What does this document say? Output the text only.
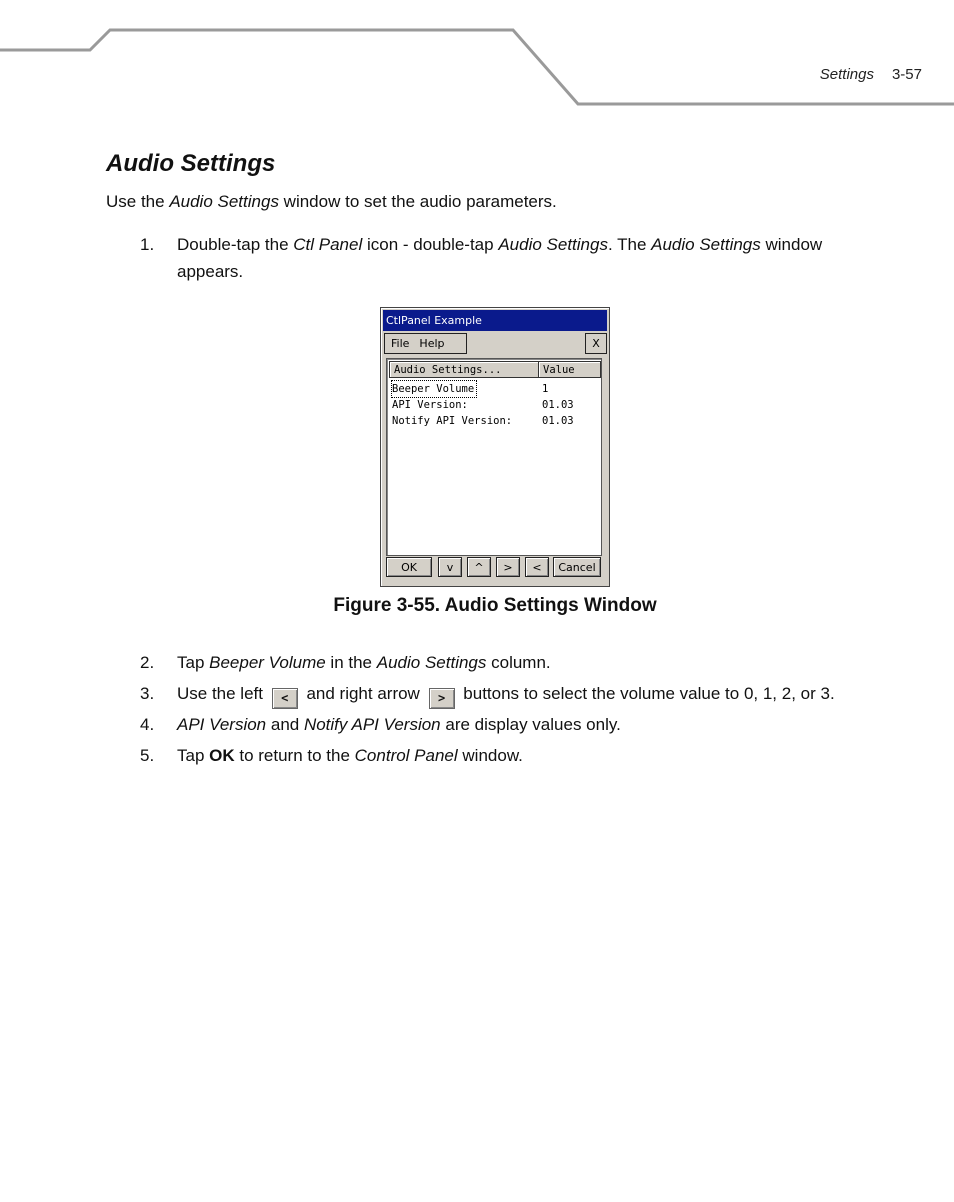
Settings 3-57
Audio Settings
Use the Audio Settings window to set the audio parameters.
1.	Double-tap the Ctl Panel icon - double-tap Audio Settings. The Audio Settings window appears.
CtlPanel Example
File Help	X
Audio Settings...	Value
Beeper Volume	1
API Version:	01.03
Notify API Version:	01.03
OK	v	^	>	<	Cancel
Figure 3-55. Audio Settings Window
2.	Tap Beeper Volume in the Audio Settings column.
3.	Use the left < and right arrow > buttons to select the volume value to 0, 1, 2, or 3.
4.	API Version and Notify API Version are display values only.
5.	Tap OK to return to the Control Panel window.
